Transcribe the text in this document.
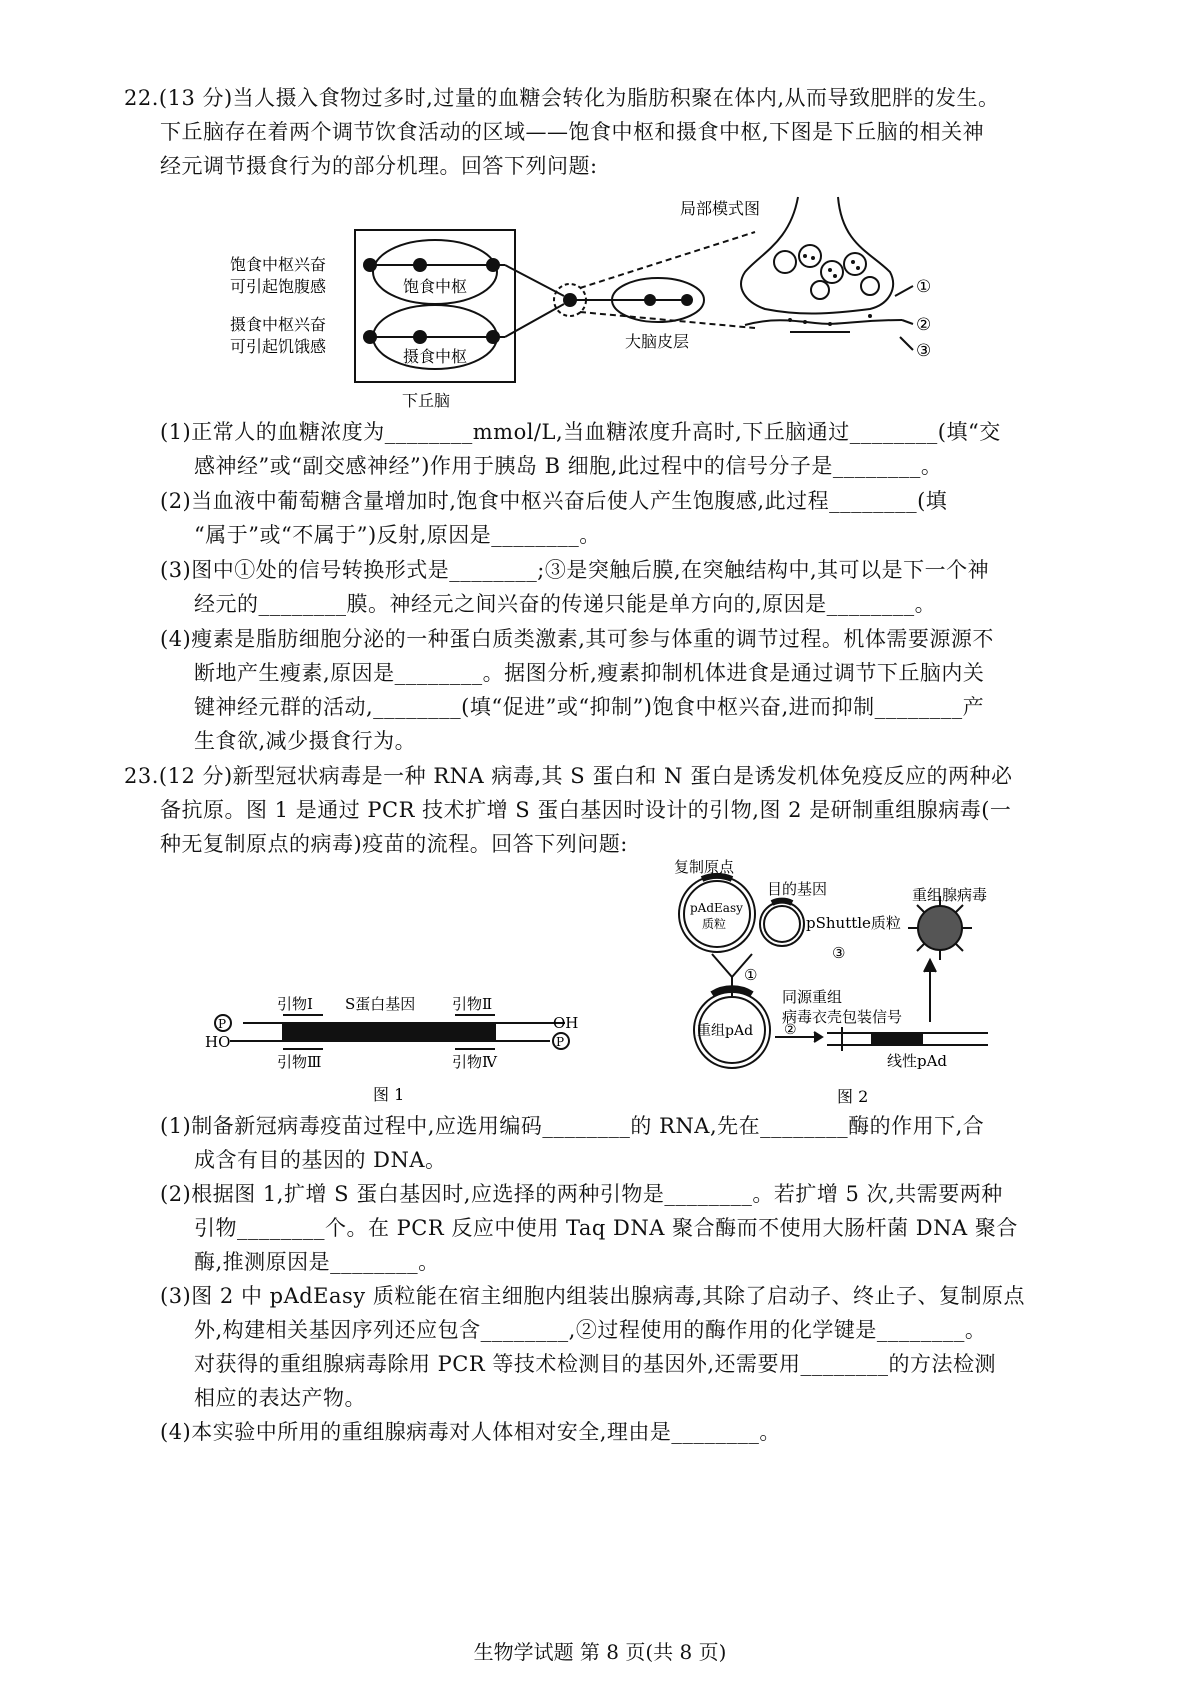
22.(13 分)当人摄入食物过多时,过量的血糖会转化为脂肪积聚在体内,从而导致肥胖的发生。
下丘脑存在着两个调节饮食活动的区域——饱食中枢和摄食中枢,下图是下丘脑的相关神
经元调节摄食行为的部分机理。回答下列问题:
饱食中枢兴奋
可引起饱腹感
摄食中枢兴奋
可引起饥饿感
饱食中枢
摄食中枢
下丘脑
大脑皮层
局部模式图
①
②
③
(1)正常人的血糖浓度为________mmol/L,当血糖浓度升高时,下丘脑通过________(填“交
感神经”或“副交感神经”)作用于胰岛 B 细胞,此过程中的信号分子是________。
(2)当血液中葡萄糖含量增加时,饱食中枢兴奋后使人产生饱腹感,此过程________(填
“属于”或“不属于”)反射,原因是________。
(3)图中①处的信号转换形式是________;③是突触后膜,在突触结构中,其可以是下一个神
经元的________膜。神经元之间兴奋的传递只能是单方向的,原因是________。
(4)瘦素是脂肪细胞分泌的一种蛋白质类激素,其可参与体重的调节过程。机体需要源源不
断地产生瘦素,原因是________。据图分析,瘦素抑制机体进食是通过调节下丘脑内关
键神经元群的活动,________(填“促进”或“抑制”)饱食中枢兴奋,进而抑制________产
生食欲,减少摄食行为。
23.(12 分)新型冠状病毒是一种 RNA 病毒,其 S 蛋白和 N 蛋白是诱发机体免疫反应的两种必
备抗原。图 1 是通过 PCR 技术扩增 S 蛋白基因时设计的引物,图 2 是研制重组腺病毒(一
种无复制原点的病毒)疫苗的流程。回答下列问题:
引物Ⅰ S蛋白基因 引物Ⅱ
引物Ⅲ	引物Ⅳ
P
P
OH
HO
图 1
复制原点
pAdEasy
质粒
目的基因
pShuttle质粒
重组腺病毒
①
③
同源重组
病毒衣壳包装信号
②
重组pAd
线性pAd
图 2
(1)制备新冠病毒疫苗过程中,应选用编码________的 RNA,先在________酶的作用下,合
成含有目的基因的 DNA。
(2)根据图 1,扩增 S 蛋白基因时,应选择的两种引物是________。若扩增 5 次,共需要两种
引物________个。在 PCR 反应中使用 Taq DNA 聚合酶而不使用大肠杆菌 DNA 聚合
酶,推测原因是________。
(3)图 2 中 pAdEasy 质粒能在宿主细胞内组装出腺病毒,其除了启动子、终止子、复制原点
外,构建相关基因序列还应包含________,②过程使用的酶作用的化学键是________。
对获得的重组腺病毒除用 PCR 等技术检测目的基因外,还需要用________的方法检测
相应的表达产物。
(4)本实验中所用的重组腺病毒对人体相对安全,理由是________。
生物学试题 第 8 页(共 8 页)
